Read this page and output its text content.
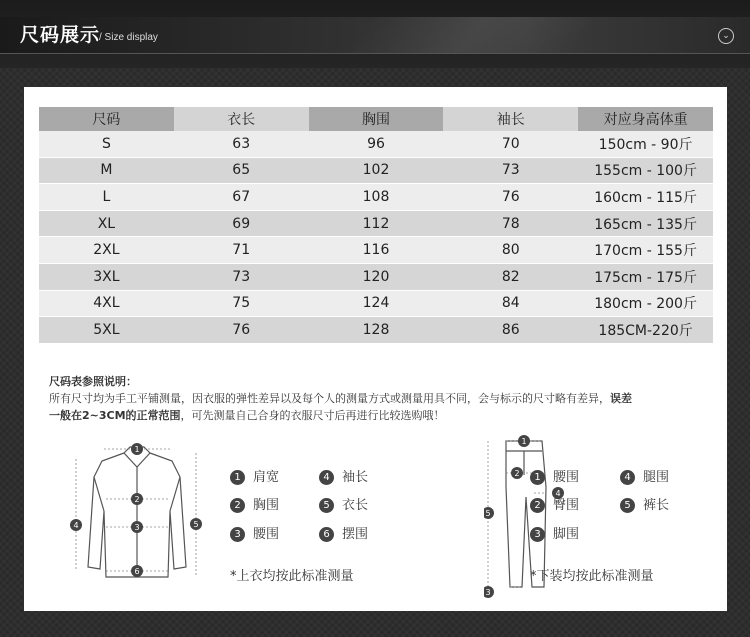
尺码展示
/ Size display	⌄
尺码	衣长	胸围	袖长	对应身高体重
S	63	96	70	150cm - 90斤
M	65	102	73	155cm - 100斤
L	67	108	76	160cm - 115斤
XL	69	112	78	165cm - 135斤
2XL	71	116	80	170cm - 155斤
3XL	73	120	82	175cm - 175斤
4XL	75	124	84	180cm - 200斤
5XL	76	128	86	185CM-220斤
尺码表参照说明：
所有尺寸均为手工平铺测量，因衣服的弹性差异以及每个人的测量方式或测量用具不同，会与标示的尺寸略有差异，误差
一般在2~3CM的正常范围，可先测量自己合身的衣服尺寸后再进行比较选购哦！
1
2
3
4	5
6
1 肩宽
2 胸围
3 腰围
4 袖长
5 衣长
6 摆围
*上衣均按此标准测量
1
2
3
4
5
1 腰围
2 臀围
3 脚围
4 腿围
5 裤长
*下装均按此标准测量
